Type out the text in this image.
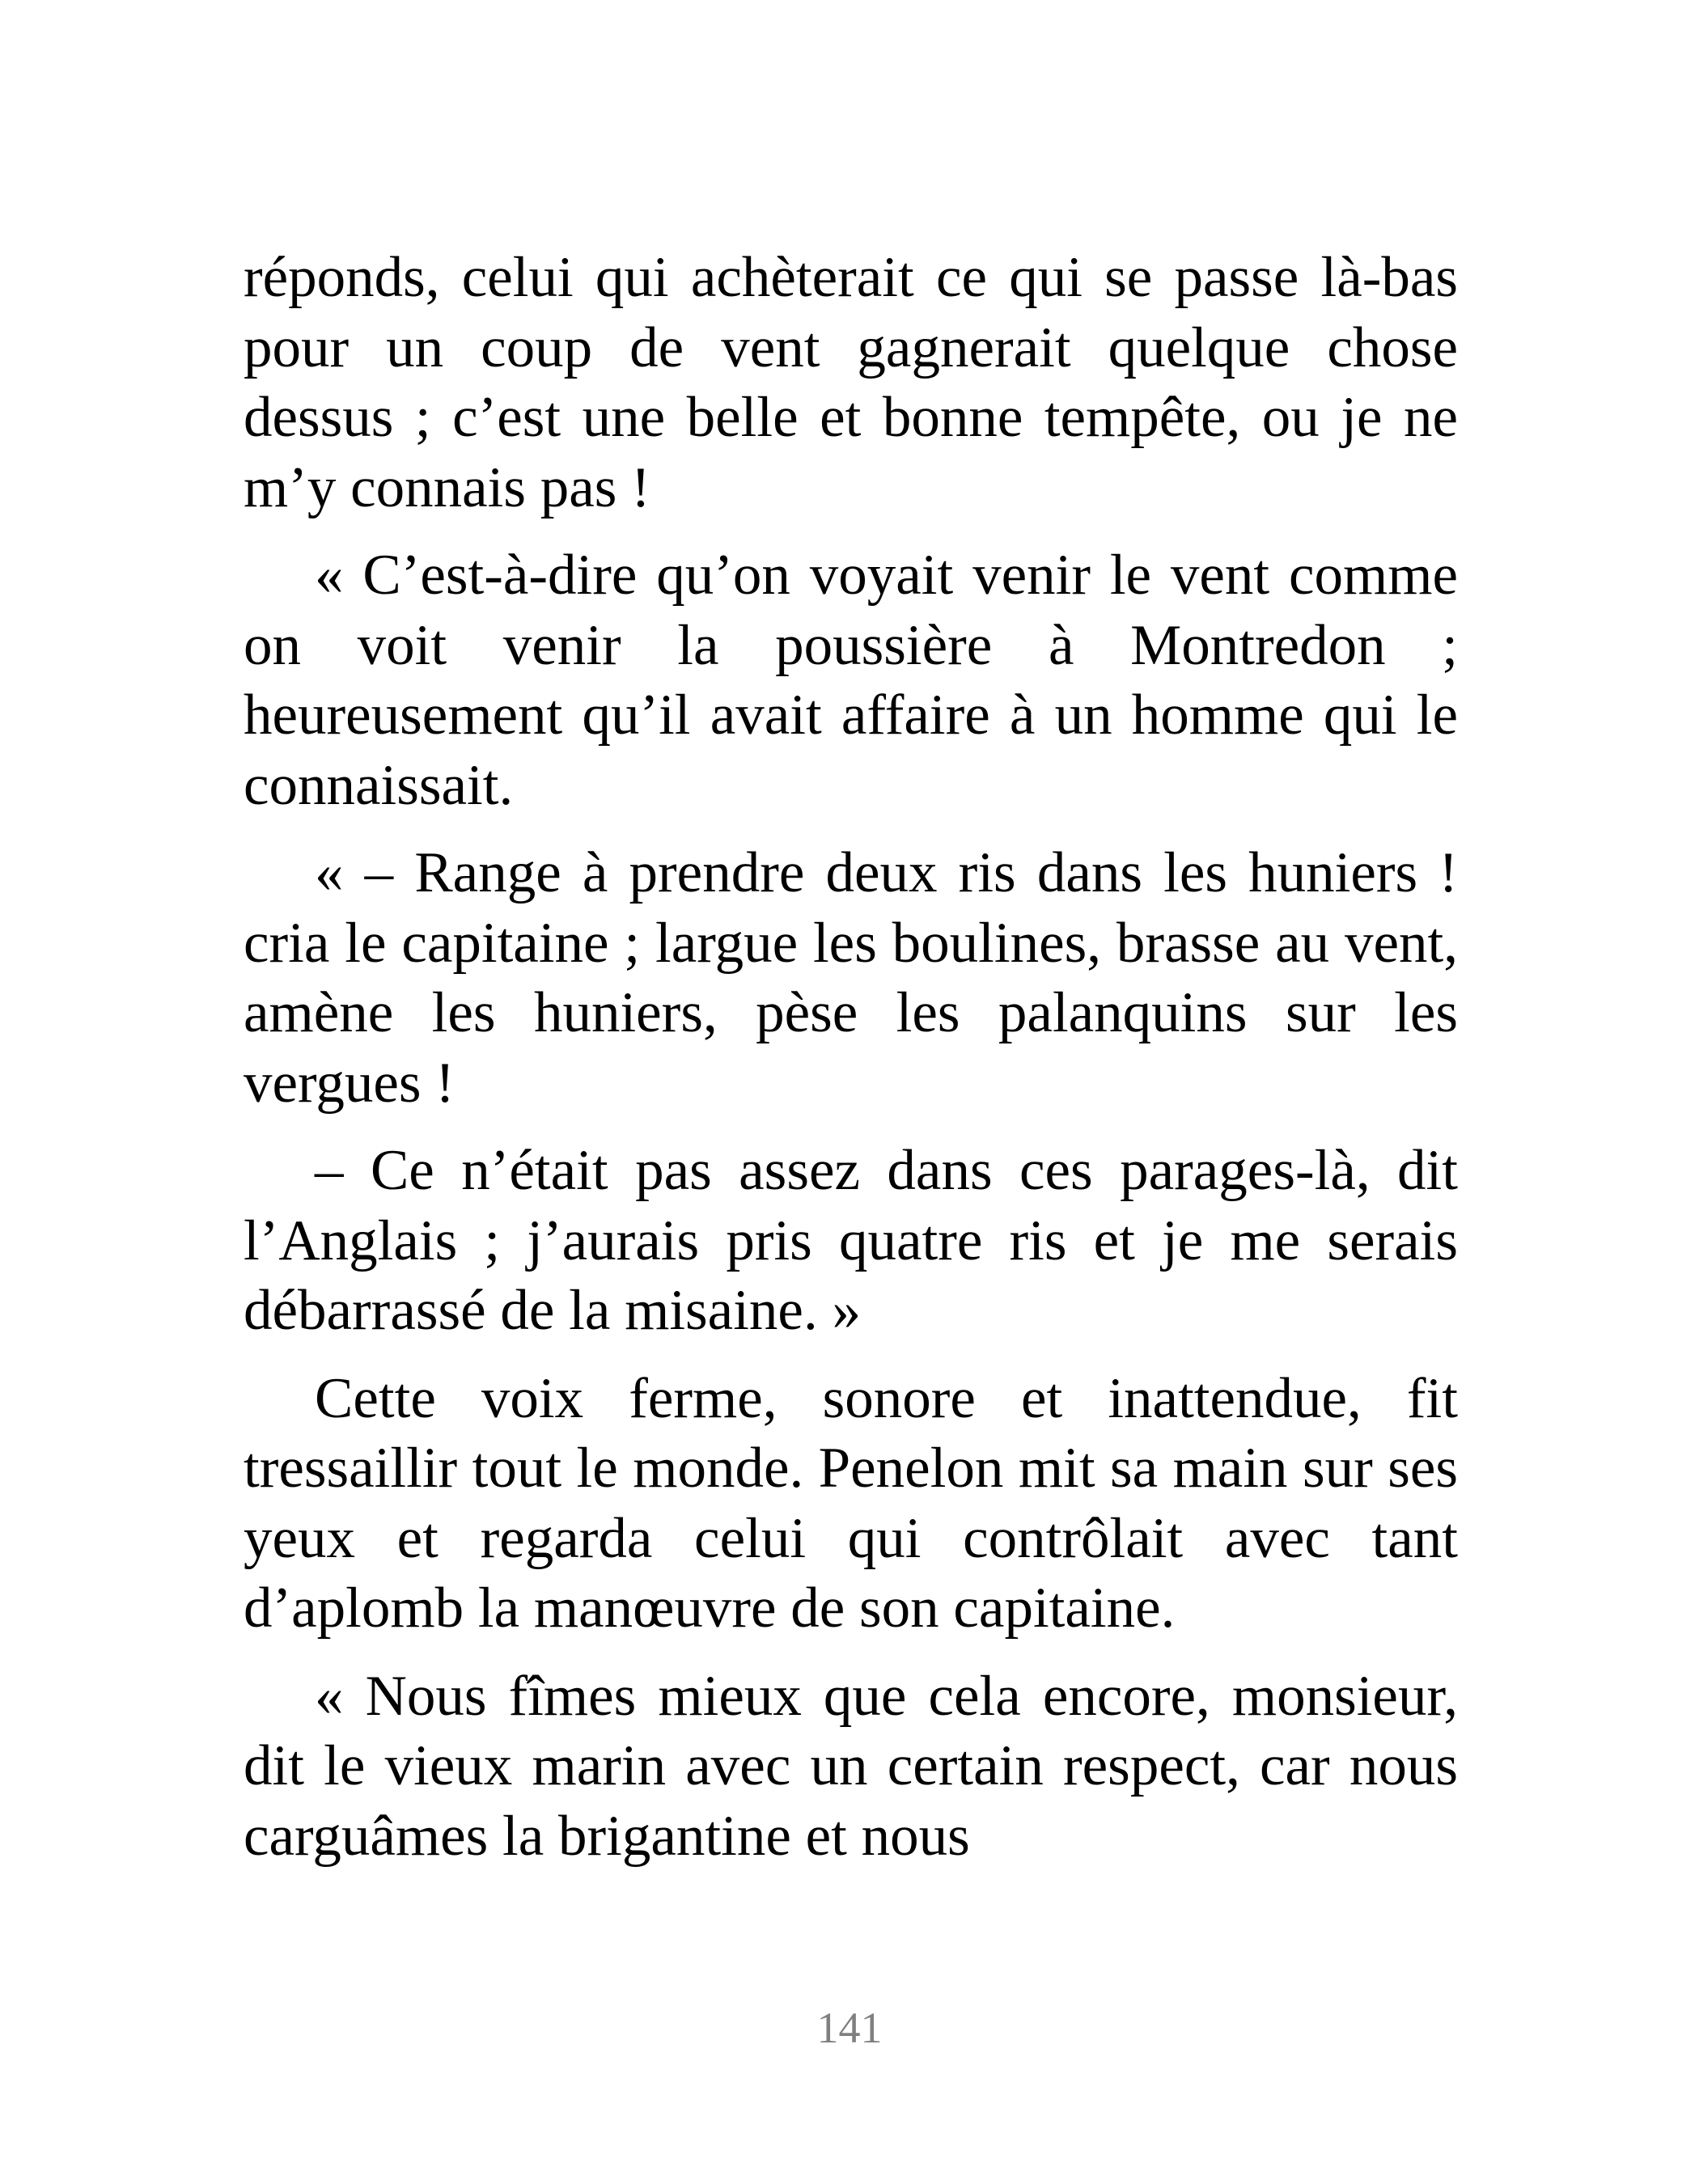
réponds, celui qui achèterait ce qui se passe là-bas pour un coup de vent gagnerait quelque chose dessus ; c’est une belle et bonne tempête, ou je ne m’y connais pas !

« C’est-à-dire qu’on voyait venir le vent comme on voit venir la poussière à Montredon ; heureusement qu’il avait affaire à un homme qui le connaissait.

« – Range à prendre deux ris dans les huniers ! cria le capitaine ; largue les boulines, brasse au vent, amène les huniers, pèse les palanquins sur les vergues !

– Ce n’était pas assez dans ces parages-là, dit l’Anglais ; j’aurais pris quatre ris et je me serais débarrassé de la misaine. »

Cette voix ferme, sonore et inattendue, fit tressaillir tout le monde. Penelon mit sa main sur ses yeux et regarda celui qui contrôlait avec tant d’aplomb la manœuvre de son capitaine.

« Nous fîmes mieux que cela encore, monsieur, dit le vieux marin avec un certain respect, car nous carguâmes la brigantine et nous

141
